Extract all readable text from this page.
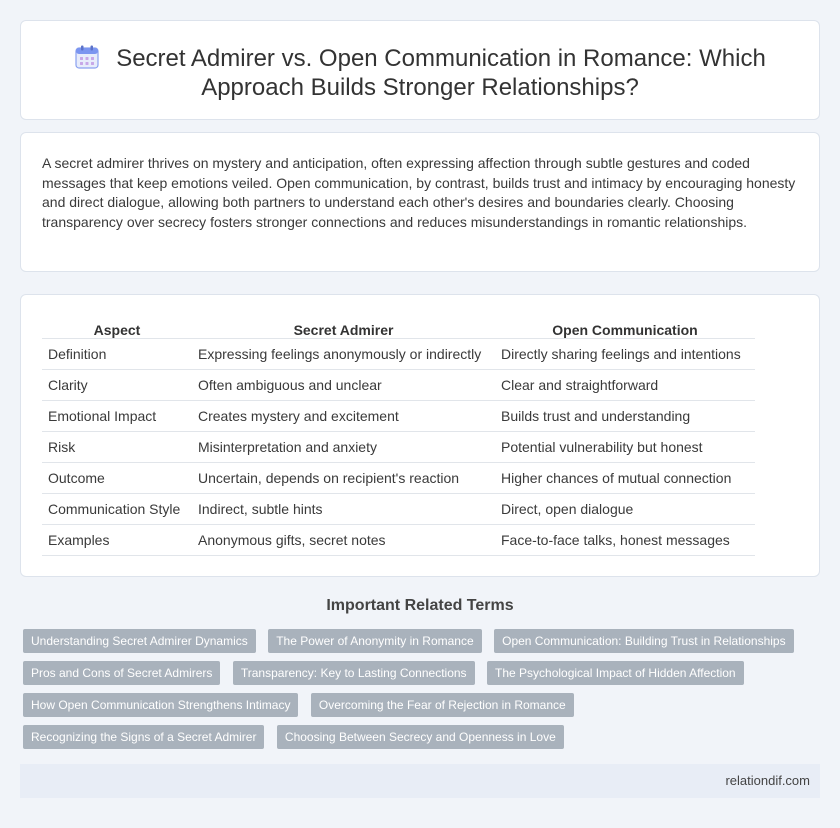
Secret Admirer vs. Open Communication in Romance: Which Approach Builds Stronger Relationships?

A secret admirer thrives on mystery and anticipation, often expressing affection through subtle gestures and coded messages that keep emotions veiled. Open communication, by contrast, builds trust and intimacy by encouraging honesty and direct dialogue, allowing both partners to understand each other's desires and boundaries clearly. Choosing transparency over secrecy fosters stronger connections and reduces misunderstandings in romantic relationships.

Aspect	Secret Admirer	Open Communication
Definition	Expressing feelings anonymously or indirectly	Directly sharing feelings and intentions
Clarity	Often ambiguous and unclear	Clear and straightforward
Emotional Impact	Creates mystery and excitement	Builds trust and understanding
Risk	Misinterpretation and anxiety	Potential vulnerability but honest
Outcome	Uncertain, depends on recipient's reaction	Higher chances of mutual connection
Communication Style	Indirect, subtle hints	Direct, open dialogue
Examples	Anonymous gifts, secret notes	Face-to-face talks, honest messages
Important Related Terms
Understanding Secret Admirer Dynamics The Power of Anonymity in Romance Open Communication: Building Trust in Relationships Pros and Cons of Secret Admirers Transparency: Key to Lasting Connections The Psychological Impact of Hidden Affection How Open Communication Strengthens Intimacy Overcoming the Fear of Rejection in Romance Recognizing the Signs of a Secret Admirer Choosing Between Secrecy and Openness in Love
relationdif.com
